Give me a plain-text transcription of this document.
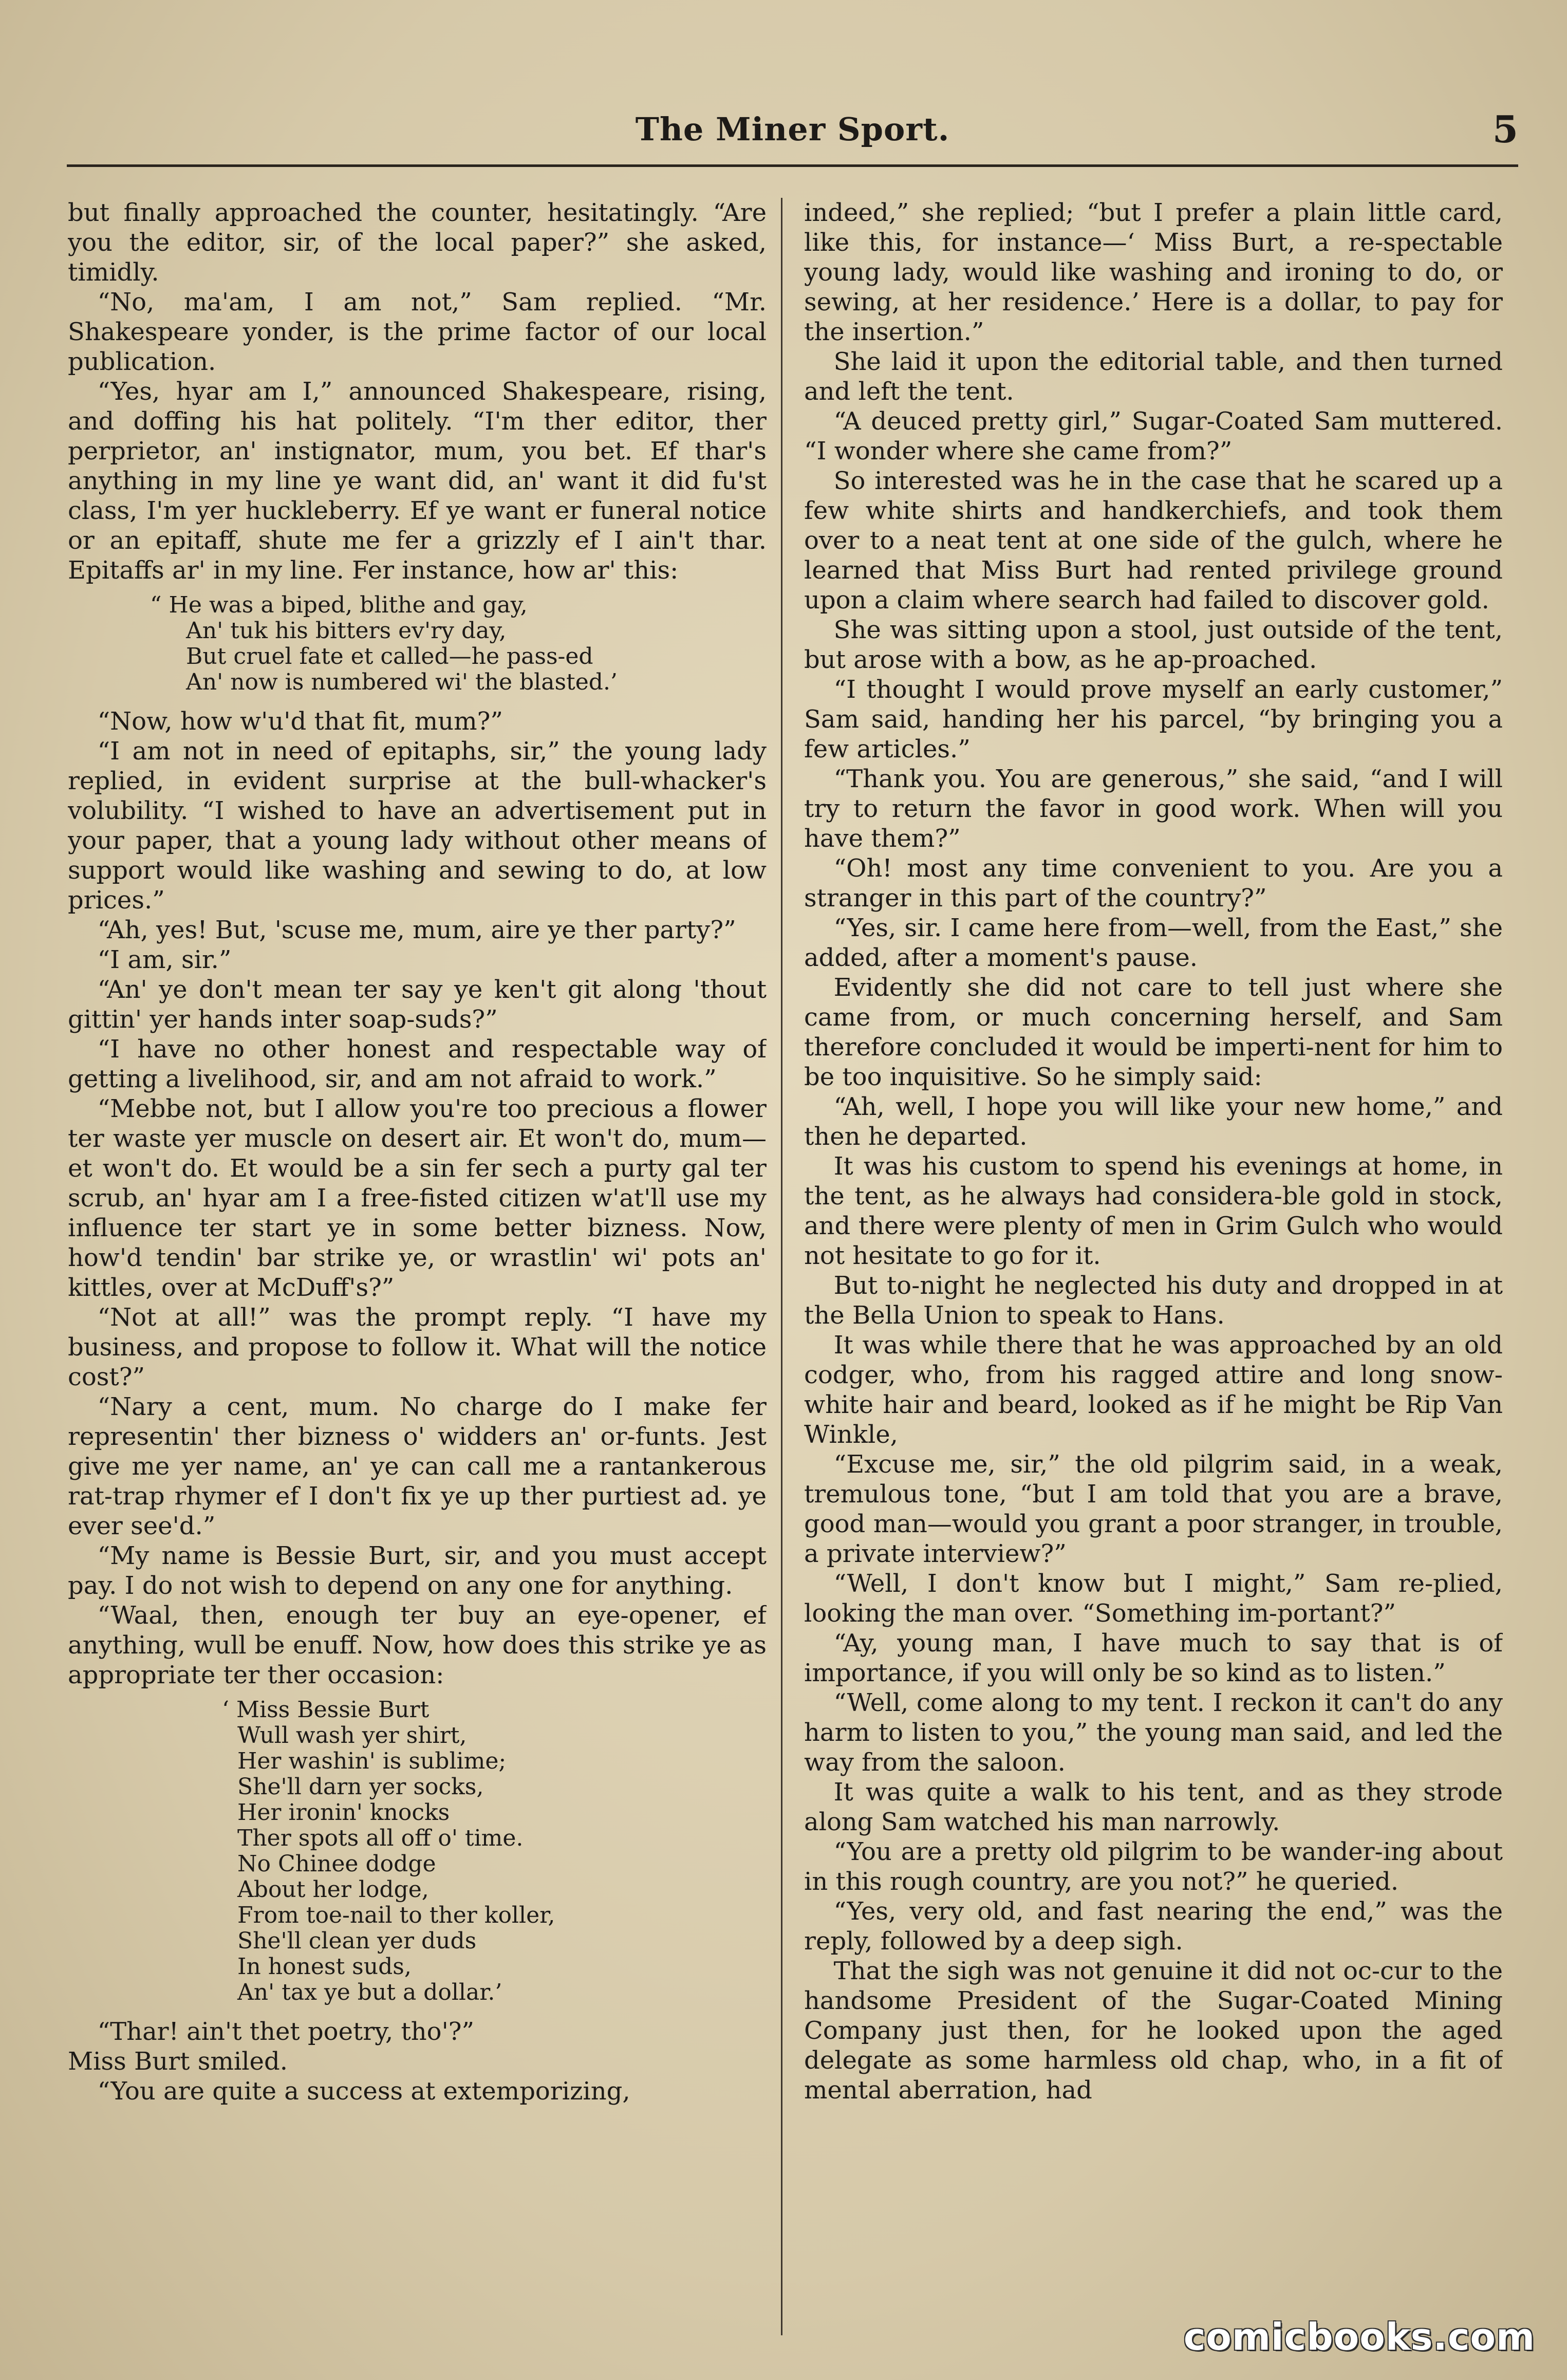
The Miner Sport.	5

but finally approached the counter, hesitatingly. “Are you the editor, sir, of the local paper?” she asked, timidly.

“No, ma'am, I am not,” Sam replied. “Mr. Shakespeare yonder, is the prime factor of our local publication.

“Yes, hyar am I,” announced Shakespeare, rising, and doffing his hat politely. “I'm ther editor, ther perprietor, an' instignator, mum, you bet. Ef thar's anything in my line ye want did, an' want it did fu'st class, I'm yer huckleberry. Ef ye want er funeral notice or an epitaff, shute me fer a grizzly ef I ain't thar. Epitaffs ar' in my line. Fer instance, how ar' this:

“ He was a biped, blithe and gay,
An' tuk his bitters ev'ry day,
But cruel fate et called—he pass-ed
An' now is numbered wi' the blasted.’

“Now, how w'u'd that fit, mum?”

“I am not in need of epitaphs, sir,” the young lady replied, in evident surprise at the bull-whacker's volubility. “I wished to have an advertisement put in your paper, that a young lady without other means of support would like washing and sewing to do, at low prices.”

“Ah, yes! But, 'scuse me, mum, aire ye ther party?”

“I am, sir.”

“An' ye don't mean ter say ye ken't git along 'thout gittin' yer hands inter soap-suds?”

“I have no other honest and respectable way of getting a livelihood, sir, and am not afraid to work.”

“Mebbe not, but I allow you're too precious a flower ter waste yer muscle on desert air. Et won't do, mum—et won't do. Et would be a sin fer sech a purty gal ter scrub, an' hyar am I a free-fisted citizen w'at'll use my influence ter start ye in some better bizness. Now, how'd tendin' bar strike ye, or wrastlin' wi' pots an' kittles, over at McDuff's?”

“Not at all!” was the prompt reply. “I have my business, and propose to follow it. What will the notice cost?”

“Nary a cent, mum. No charge do I make fer representin' ther bizness o' widders an' or-funts. Jest give me yer name, an' ye can call me a rantankerous rat-trap rhymer ef I don't fix ye up ther purtiest ad. ye ever see'd.”

“My name is Bessie Burt, sir, and you must accept pay. I do not wish to depend on any one for anything.

“Waal, then, enough ter buy an eye-opener, ef anything, wull be enuff. Now, how does this strike ye as appropriate ter ther occasion:

‘ Miss Bessie Burt
Wull wash yer shirt,
Her washin' is sublime;
She'll darn yer socks,
Her ironin' knocks
Ther spots all off o' time.
No Chinee dodge
About her lodge,
From toe-nail to ther koller,
She'll clean yer duds
In honest suds,
An' tax ye but a dollar.’

“Thar! ain't thet poetry, tho'?”

Miss Burt smiled.

“You are quite a success at extemporizing,

indeed,” she replied; “but I prefer a plain little card, like this, for instance—‘ Miss Burt, a re-spectable young lady, would like washing and ironing to do, or sewing, at her residence.’ Here is a dollar, to pay for the insertion.”

She laid it upon the editorial table, and then turned and left the tent.

“A deuced pretty girl,” Sugar-Coated Sam muttered. “I wonder where she came from?”

So interested was he in the case that he scared up a few white shirts and handkerchiefs, and took them over to a neat tent at one side of the gulch, where he learned that Miss Burt had rented privilege ground upon a claim where search had failed to discover gold.

She was sitting upon a stool, just outside of the tent, but arose with a bow, as he ap-proached.

“I thought I would prove myself an early customer,” Sam said, handing her his parcel, “by bringing you a few articles.”

“Thank you. You are generous,” she said, “and I will try to return the favor in good work. When will you have them?”

“Oh! most any time convenient to you. Are you a stranger in this part of the country?”

“Yes, sir. I came here from—well, from the East,” she added, after a moment's pause.

Evidently she did not care to tell just where she came from, or much concerning herself, and Sam therefore concluded it would be imperti-nent for him to be too inquisitive. So he simply said:

“Ah, well, I hope you will like your new home,” and then he departed.

It was his custom to spend his evenings at home, in the tent, as he always had considera-ble gold in stock, and there were plenty of men in Grim Gulch who would not hesitate to go for it.

But to-night he neglected his duty and dropped in at the Bella Union to speak to Hans.

It was while there that he was approached by an old codger, who, from his ragged attire and long snow-white hair and beard, looked as if he might be Rip Van Winkle,

“Excuse me, sir,” the old pilgrim said, in a weak, tremulous tone, “but I am told that you are a brave, good man—would you grant a poor stranger, in trouble, a private interview?”

“Well, I don't know but I might,” Sam re-plied, looking the man over. “Something im-portant?”

“Ay, young man, I have much to say that is of importance, if you will only be so kind as to listen.”

“Well, come along to my tent. I reckon it can't do any harm to listen to you,” the young man said, and led the way from the saloon.

It was quite a walk to his tent, and as they strode along Sam watched his man narrowly.

“You are a pretty old pilgrim to be wander-ing about in this rough country, are you not?” he queried.

“Yes, very old, and fast nearing the end,” was the reply, followed by a deep sigh.

That the sigh was not genuine it did not oc-cur to the handsome President of the Sugar-Coated Mining Company just then, for he looked upon the aged delegate as some harmless old chap, who, in a fit of mental aberration, had

comicbooks.com
